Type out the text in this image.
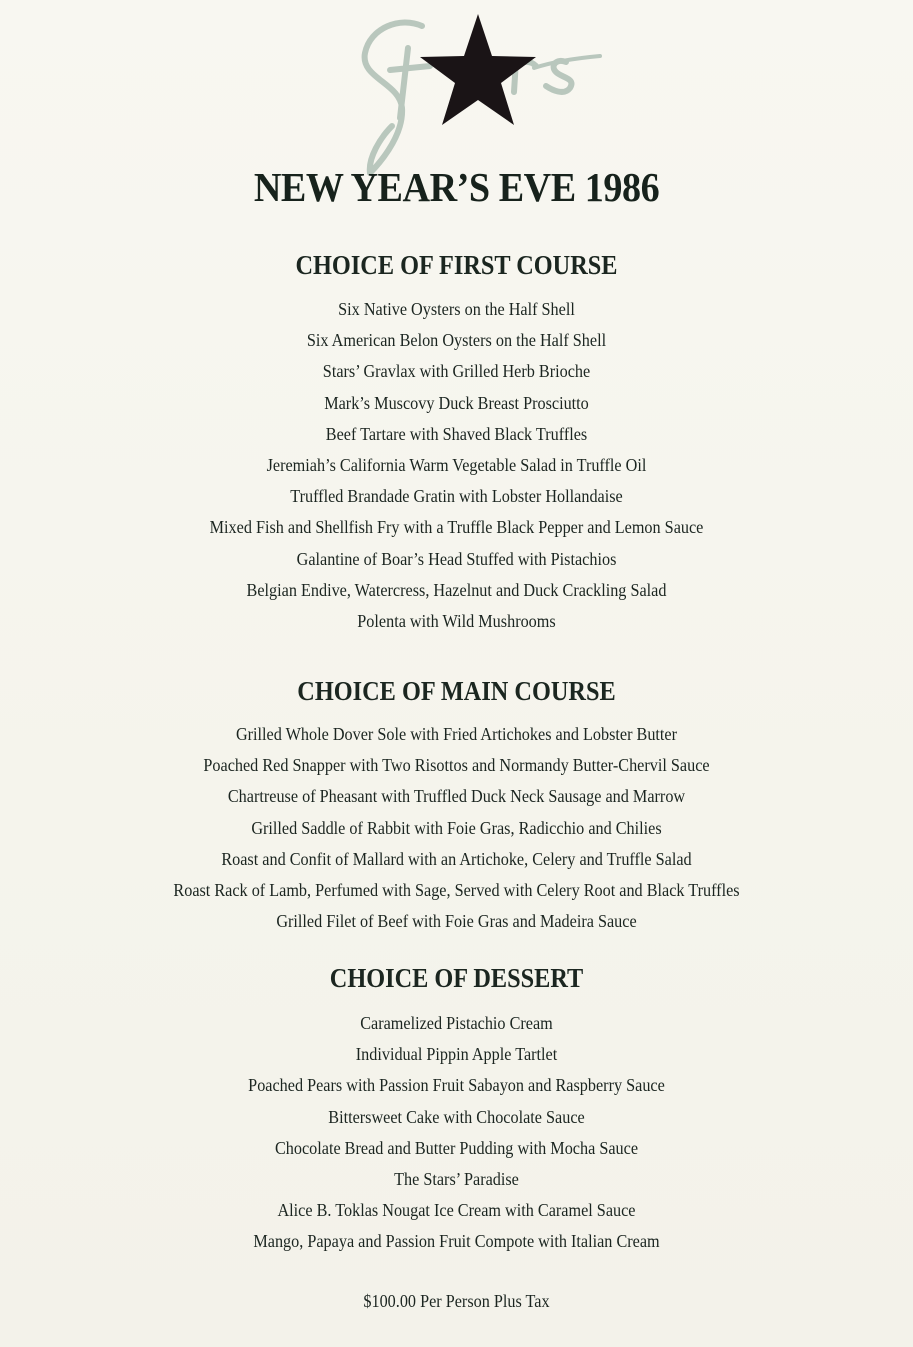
NEW YEAR’S EVE 1986
CHOICE OF FIRST COURSE
Six Native Oysters on the Half Shell
Six American Belon Oysters on the Half Shell
Stars’ Gravlax with Grilled Herb Brioche
Mark’s Muscovy Duck Breast Prosciutto
Beef Tartare with Shaved Black Truffles
Jeremiah’s California Warm Vegetable Salad in Truffle Oil
Truffled Brandade Gratin with Lobster Hollandaise
Mixed Fish and Shellfish Fry with a Truffle Black Pepper and Lemon Sauce
Galantine of Boar’s Head Stuffed with Pistachios
Belgian Endive, Watercress, Hazelnut and Duck Crackling Salad
Polenta with Wild Mushrooms
CHOICE OF MAIN COURSE
Grilled Whole Dover Sole with Fried Artichokes and Lobster Butter
Poached Red Snapper with Two Risottos and Normandy Butter-Chervil Sauce
Chartreuse of Pheasant with Truffled Duck Neck Sausage and Marrow
Grilled Saddle of Rabbit with Foie Gras, Radicchio and Chilies
Roast and Confit of Mallard with an Artichoke, Celery and Truffle Salad
Roast Rack of Lamb, Perfumed with Sage, Served with Celery Root and Black Truffles
Grilled Filet of Beef with Foie Gras and Madeira Sauce
CHOICE OF DESSERT
Caramelized Pistachio Cream
Individual Pippin Apple Tartlet
Poached Pears with Passion Fruit Sabayon and Raspberry Sauce
Bittersweet Cake with Chocolate Sauce
Chocolate Bread and Butter Pudding with Mocha Sauce
The Stars’ Paradise
Alice B. Toklas Nougat Ice Cream with Caramel Sauce
Mango, Papaya and Passion Fruit Compote with Italian Cream
$100.00 Per Person Plus Tax
